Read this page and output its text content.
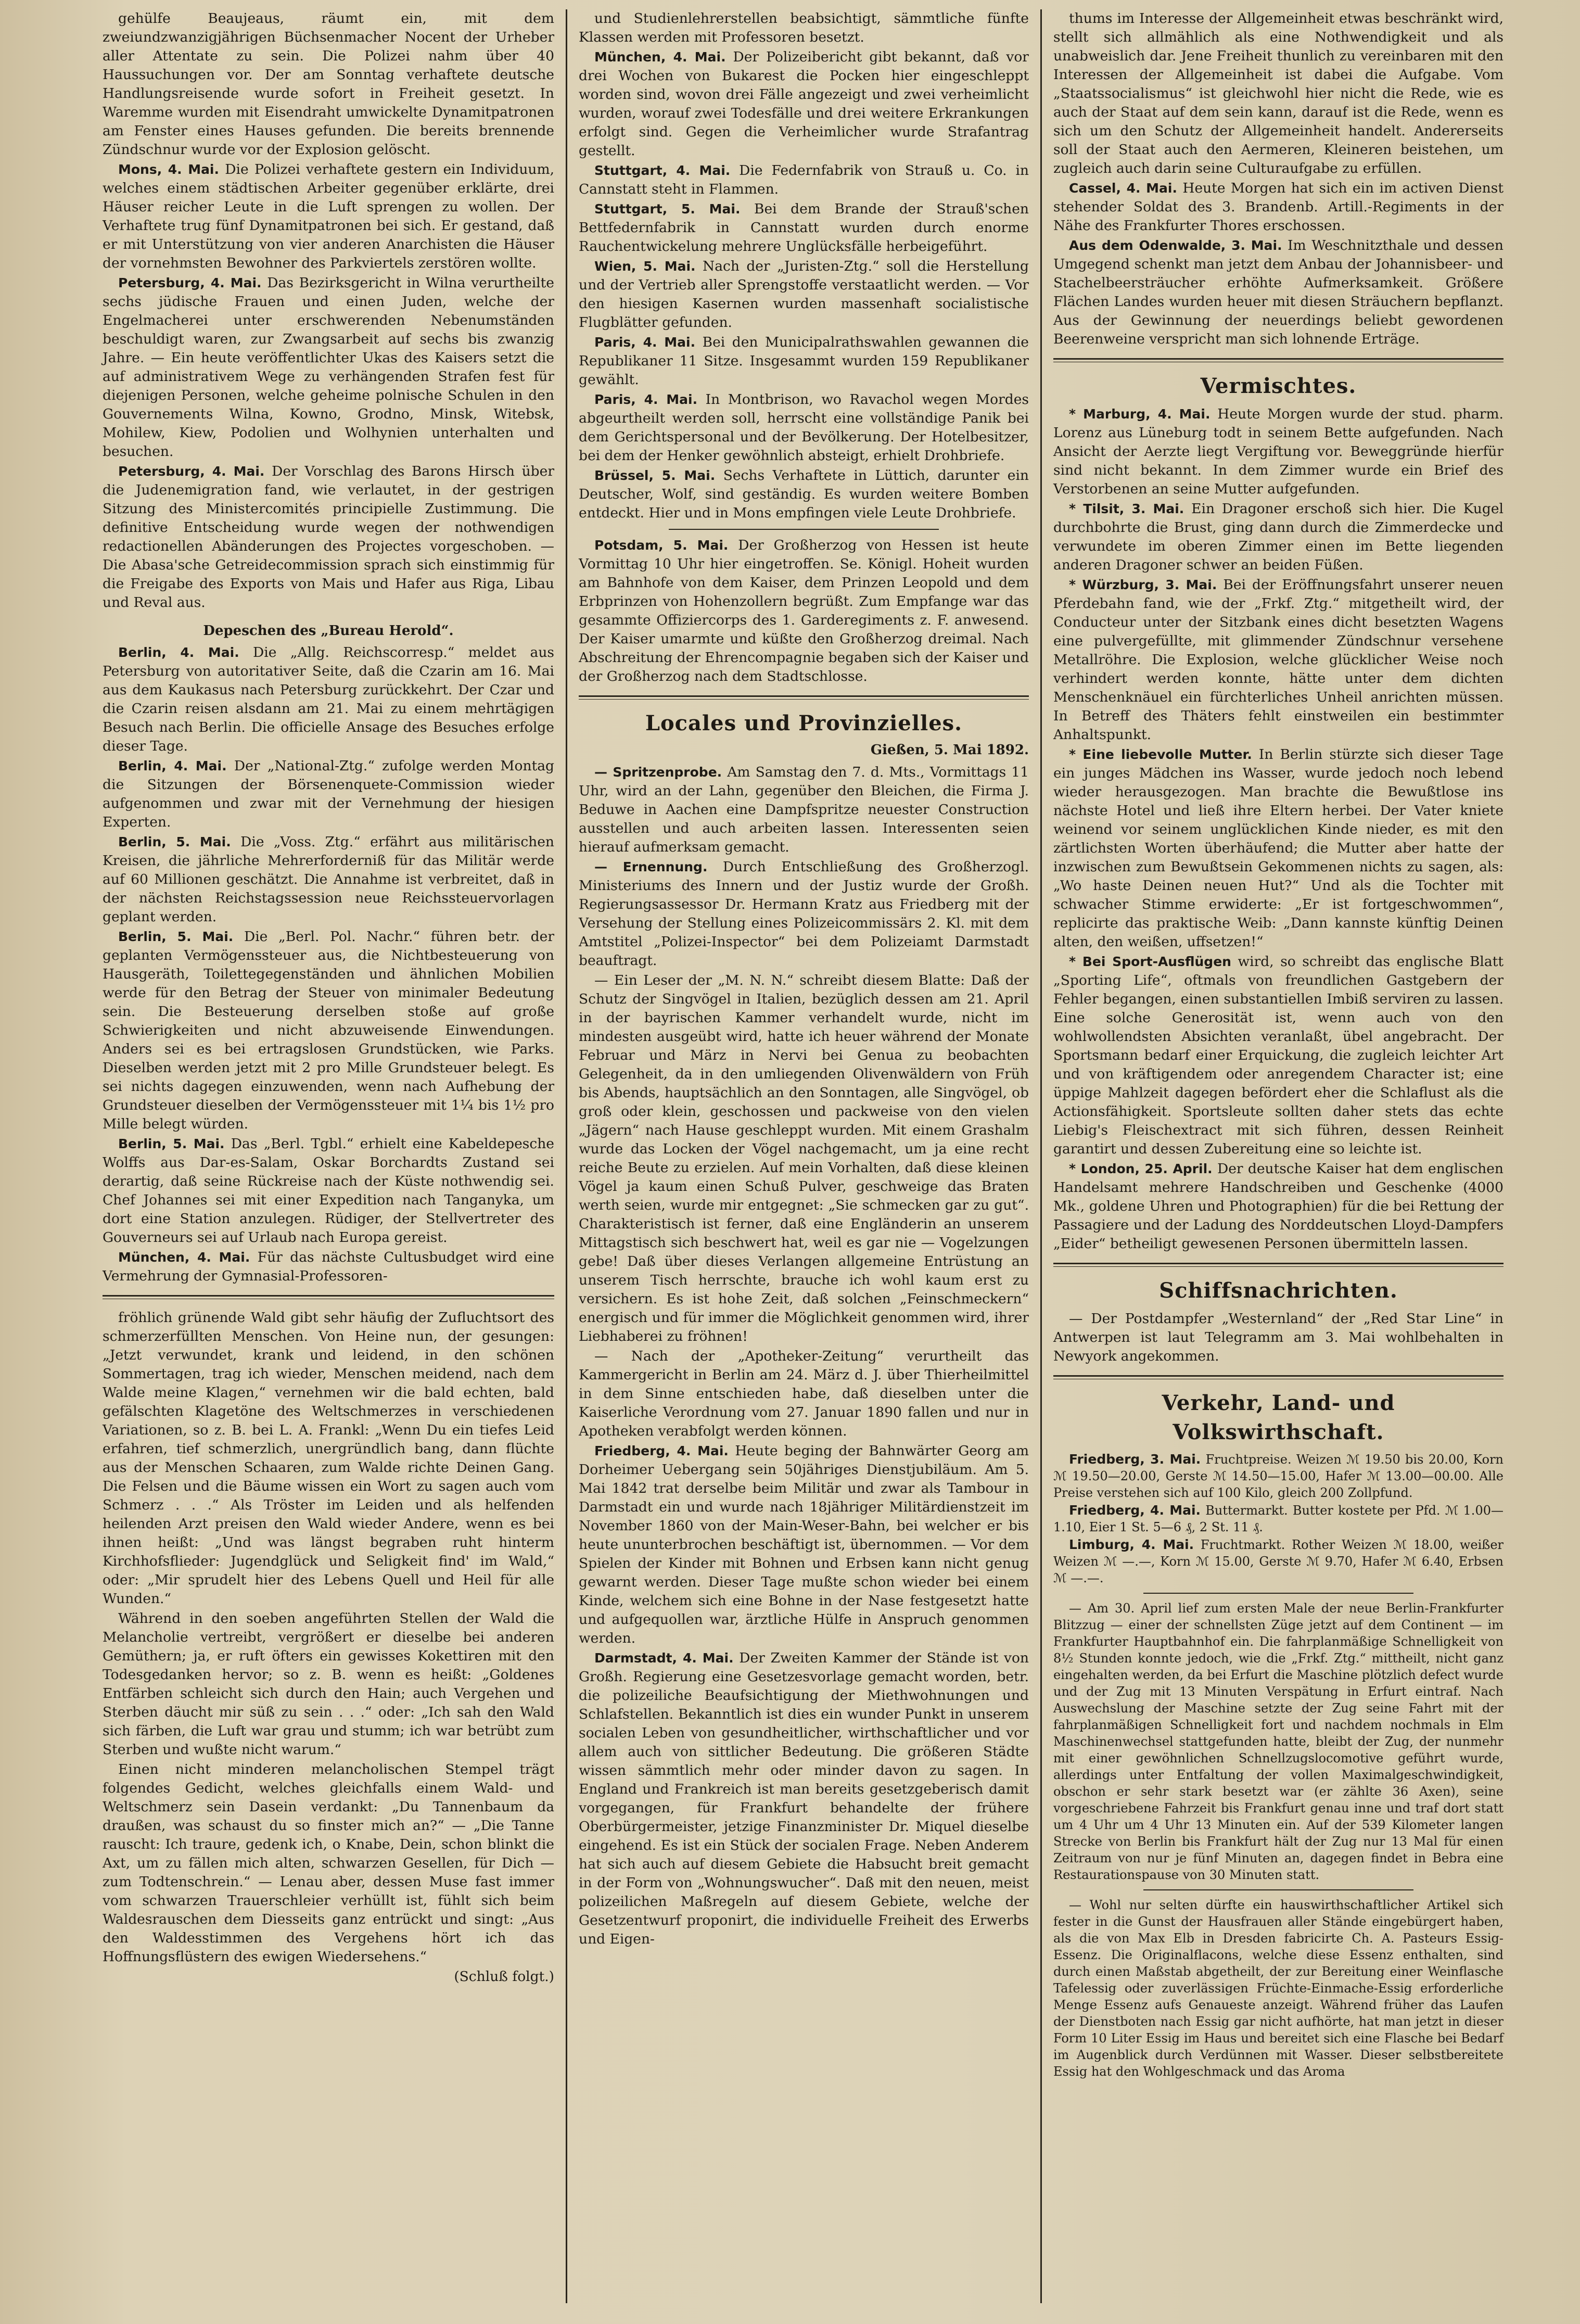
gehülfe Beaujeaus, räumt ein, mit dem zweiundzwanzigjährigen Büchsenmacher Nocent der Urheber aller Attentate zu sein. Die Polizei nahm über 40 Haussuchungen vor. Der am Sonntag verhaftete deutsche Handlungsreisende wurde sofort in Freiheit gesetzt. In Waremme wurden mit Eisendraht umwickelte Dynamitpatronen am Fenster eines Hauses gefunden. Die bereits brennende Zündschnur wurde vor der Explosion gelöscht.

Mons, 4. Mai. Die Polizei verhaftete gestern ein Individuum, welches einem städtischen Arbeiter gegenüber erklärte, drei Häuser reicher Leute in die Luft sprengen zu wollen. Der Verhaftete trug fünf Dynamitpatronen bei sich. Er gestand, daß er mit Unterstützung von vier anderen Anarchisten die Häuser der vornehmsten Bewohner des Parkviertels zerstören wollte.

Petersburg, 4. Mai. Das Bezirksgericht in Wilna verurtheilte sechs jüdische Frauen und einen Juden, welche der Engelmacherei unter erschwerenden Nebenumständen beschuldigt waren, zur Zwangsarbeit auf sechs bis zwanzig Jahre. — Ein heute veröffentlichter Ukas des Kaisers setzt die auf administrativem Wege zu verhängenden Strafen fest für diejenigen Personen, welche geheime polnische Schulen in den Gouvernements Wilna, Kowno, Grodno, Minsk, Witebsk, Mohilew, Kiew, Podolien und Wolhynien unterhalten und besuchen.

Petersburg, 4. Mai. Der Vorschlag des Barons Hirsch über die Judenemigration fand, wie verlautet, in der gestrigen Sitzung des Ministercomités principielle Zustimmung. Die definitive Entscheidung wurde wegen der nothwendigen redactionellen Abänderungen des Projectes vorgeschoben. — Die Abasa'sche Getreidecommission sprach sich einstimmig für die Freigabe des Exports von Mais und Hafer aus Riga, Libau und Reval aus.

Depeschen des „Bureau Herold“.

Berlin, 4. Mai. Die „Allg. Reichscorresp.“ meldet aus Petersburg von autoritativer Seite, daß die Czarin am 16. Mai aus dem Kaukasus nach Petersburg zurückkehrt. Der Czar und die Czarin reisen alsdann am 21. Mai zu einem mehrtägigen Besuch nach Berlin. Die officielle Ansage des Besuches erfolge dieser Tage.

Berlin, 4. Mai. Der „National-Ztg.“ zufolge werden Montag die Sitzungen der Börsenenquete-Commission wieder aufgenommen und zwar mit der Vernehmung der hiesigen Experten.

Berlin, 5. Mai. Die „Voss. Ztg.“ erfährt aus militärischen Kreisen, die jährliche Mehrerforderniß für das Militär werde auf 60 Millionen geschätzt. Die Annahme ist verbreitet, daß in der nächsten Reichstagssession neue Reichssteuervorlagen geplant werden.

Berlin, 5. Mai. Die „Berl. Pol. Nachr.“ führen betr. der geplanten Vermögenssteuer aus, die Nichtbesteuerung von Hausgeräth, Toilettegegenständen und ähnlichen Mobilien werde für den Betrag der Steuer von minimaler Bedeutung sein. Die Besteuerung derselben stoße auf große Schwierigkeiten und nicht abzuweisende Einwendungen. Anders sei es bei ertragslosen Grundstücken, wie Parks. Dieselben werden jetzt mit 2 pro Mille Grundsteuer belegt. Es sei nichts dagegen einzuwenden, wenn nach Aufhebung der Grundsteuer dieselben der Vermögenssteuer mit 1¼ bis 1½ pro Mille belegt würden.

Berlin, 5. Mai. Das „Berl. Tgbl.“ erhielt eine Kabeldepesche Wolffs aus Dar-es-Salam, Oskar Borchardts Zustand sei derartig, daß seine Rückreise nach der Küste nothwendig sei. Chef Johannes sei mit einer Expedition nach Tanganyka, um dort eine Station anzulegen. Rüdiger, der Stellvertreter des Gouverneurs sei auf Urlaub nach Europa gereist.

München, 4. Mai. Für das nächste Cultusbudget wird eine Vermehrung der Gymnasial-Professoren-

fröhlich grünende Wald gibt sehr häufig der Zufluchtsort des schmerzerfüllten Menschen. Von Heine nun, der gesungen: „Jetzt verwundet, krank und leidend, in den schönen Sommertagen, trag ich wieder, Menschen meidend, nach dem Walde meine Klagen,“ vernehmen wir die bald echten, bald gefälschten Klagetöne des Weltschmerzes in verschiedenen Variationen, so z. B. bei L. A. Frankl: „Wenn Du ein tiefes Leid erfahren, tief schmerzlich, unergründlich bang, dann flüchte aus der Menschen Schaaren, zum Walde richte Deinen Gang. Die Felsen und die Bäume wissen ein Wort zu sagen auch vom Schmerz . . .“ Als Tröster im Leiden und als helfenden heilenden Arzt preisen den Wald wieder Andere, wenn es bei ihnen heißt: „Und was längst begraben ruht hinterm Kirchhofsflieder: Jugendglück und Seligkeit find' im Wald,“ oder: „Mir sprudelt hier des Lebens Quell und Heil für alle Wunden.“

Während in den soeben angeführten Stellen der Wald die Melancholie vertreibt, vergrößert er dieselbe bei anderen Gemüthern; ja, er ruft öfters ein gewisses Kokettiren mit den Todesgedanken hervor; so z. B. wenn es heißt: „Goldenes Entfärben schleicht sich durch den Hain; auch Vergehen und Sterben däucht mir süß zu sein . . .“ oder: „Ich sah den Wald sich färben, die Luft war grau und stumm; ich war betrübt zum Sterben und wußte nicht warum.“

Einen nicht minderen melancholischen Stempel trägt folgendes Gedicht, welches gleichfalls einem Wald- und Weltschmerz sein Dasein verdankt: „Du Tannenbaum da draußen, was schaust du so finster mich an?“ — „Die Tanne rauscht: Ich traure, gedenk ich, o Knabe, Dein, schon blinkt die Axt, um zu fällen mich alten, schwarzen Gesellen, für Dich — zum Todtenschrein.“ — Lenau aber, dessen Muse fast immer vom schwarzen Trauerschleier verhüllt ist, fühlt sich beim Waldesrauschen dem Diesseits ganz entrückt und singt: „Aus den Waldesstimmen des Vergehens hört ich das Hoffnungsflüstern des ewigen Wiedersehens.“

(Schluß folgt.)

und Studienlehrerstellen beabsichtigt, sämmtliche fünfte Klassen werden mit Professoren besetzt.

München, 4. Mai. Der Polizeibericht gibt bekannt, daß vor drei Wochen von Bukarest die Pocken hier eingeschleppt worden sind, wovon drei Fälle angezeigt und zwei verheimlicht wurden, worauf zwei Todesfälle und drei weitere Erkrankungen erfolgt sind. Gegen die Verheimlicher wurde Strafantrag gestellt.

Stuttgart, 4. Mai. Die Federnfabrik von Strauß u. Co. in Cannstatt steht in Flammen.

Stuttgart, 5. Mai. Bei dem Brande der Strauß'schen Bettfedernfabrik in Cannstatt wurden durch enorme Rauchentwickelung mehrere Unglücksfälle herbeigeführt.

Wien, 5. Mai. Nach der „Juristen-Ztg.“ soll die Herstellung und der Vertrieb aller Sprengstoffe verstaatlicht werden. — Vor den hiesigen Kasernen wurden massenhaft socialistische Flugblätter gefunden.

Paris, 4. Mai. Bei den Municipalrathswahlen gewannen die Republikaner 11 Sitze. Insgesammt wurden 159 Republikaner gewählt.

Paris, 4. Mai. In Montbrison, wo Ravachol wegen Mordes abgeurtheilt werden soll, herrscht eine vollständige Panik bei dem Gerichtspersonal und der Bevölkerung. Der Hotelbesitzer, bei dem der Henker gewöhnlich absteigt, erhielt Drohbriefe.

Brüssel, 5. Mai. Sechs Verhaftete in Lüttich, darunter ein Deutscher, Wolf, sind geständig. Es wurden weitere Bomben entdeckt. Hier und in Mons empfingen viele Leute Drohbriefe.

Potsdam, 5. Mai. Der Großherzog von Hessen ist heute Vormittag 10 Uhr hier eingetroffen. Se. Königl. Hoheit wurden am Bahnhofe von dem Kaiser, dem Prinzen Leopold und dem Erbprinzen von Hohenzollern begrüßt. Zum Empfange war das gesammte Offiziercorps des 1. Garderegiments z. F. anwesend. Der Kaiser umarmte und küßte den Großherzog dreimal. Nach Abschreitung der Ehrencompagnie begaben sich der Kaiser und der Großherzog nach dem Stadtschlosse.

Locales und Provinzielles.
Gießen, 5. Mai 1892.

— Spritzenprobe. Am Samstag den 7. d. Mts., Vormittags 11 Uhr, wird an der Lahn, gegenüber den Bleichen, die Firma J. Beduwe in Aachen eine Dampfspritze neuester Construction ausstellen und auch arbeiten lassen. Interessenten seien hierauf aufmerksam gemacht.

— Ernennung. Durch Entschließung des Großherzogl. Ministeriums des Innern und der Justiz wurde der Großh. Regierungsassessor Dr. Hermann Kratz aus Friedberg mit der Versehung der Stellung eines Polizeicommissärs 2. Kl. mit dem Amtstitel „Polizei-Inspector“ bei dem Polizeiamt Darmstadt beauftragt.

— Ein Leser der „M. N. N.“ schreibt diesem Blatte: Daß der Schutz der Singvögel in Italien, bezüglich dessen am 21. April in der bayrischen Kammer verhandelt wurde, nicht im mindesten ausgeübt wird, hatte ich heuer während der Monate Februar und März in Nervi bei Genua zu beobachten Gelegenheit, da in den umliegenden Olivenwäldern von Früh bis Abends, hauptsächlich an den Sonntagen, alle Singvögel, ob groß oder klein, geschossen und packweise von den vielen „Jägern“ nach Hause geschleppt wurden. Mit einem Grashalm wurde das Locken der Vögel nachgemacht, um ja eine recht reiche Beute zu erzielen. Auf mein Vorhalten, daß diese kleinen Vögel ja kaum einen Schuß Pulver, geschweige das Braten werth seien, wurde mir entgegnet: „Sie schmecken gar zu gut“. Charakteristisch ist ferner, daß eine Engländerin an unserem Mittagstisch sich beschwert hat, weil es gar nie — Vogelzungen gebe! Daß über dieses Verlangen allgemeine Entrüstung an unserem Tisch herrschte, brauche ich wohl kaum erst zu versichern. Es ist hohe Zeit, daß solchen „Feinschmeckern“ energisch und für immer die Möglichkeit genommen wird, ihrer Liebhaberei zu fröhnen!

— Nach der „Apotheker-Zeitung“ verurtheilt das Kammergericht in Berlin am 24. März d. J. über Thierheilmittel in dem Sinne entschieden habe, daß dieselben unter die Kaiserliche Verordnung vom 27. Januar 1890 fallen und nur in Apotheken verabfolgt werden können.

Friedberg, 4. Mai. Heute beging der Bahnwärter Georg am Dorheimer Uebergang sein 50jähriges Dienstjubiläum. Am 5. Mai 1842 trat derselbe beim Militär und zwar als Tambour in Darmstadt ein und wurde nach 18jähriger Militärdienstzeit im November 1860 von der Main-Weser-Bahn, bei welcher er bis heute ununterbrochen beschäftigt ist, übernommen. — Vor dem Spielen der Kinder mit Bohnen und Erbsen kann nicht genug gewarnt werden. Dieser Tage mußte schon wieder bei einem Kinde, welchem sich eine Bohne in der Nase festgesetzt hatte und aufgequollen war, ärztliche Hülfe in Anspruch genommen werden.

Darmstadt, 4. Mai. Der Zweiten Kammer der Stände ist von Großh. Regierung eine Gesetzesvorlage gemacht worden, betr. die polizeiliche Beaufsichtigung der Miethwohnungen und Schlafstellen. Bekanntlich ist dies ein wunder Punkt in unserem socialen Leben von gesundheitlicher, wirthschaftlicher und vor allem auch von sittlicher Bedeutung. Die größeren Städte wissen sämmtlich mehr oder minder davon zu sagen. In England und Frankreich ist man bereits gesetzgeberisch damit vorgegangen, für Frankfurt behandelte der frühere Oberbürgermeister, jetzige Finanzminister Dr. Miquel dieselbe eingehend. Es ist ein Stück der socialen Frage. Neben Anderem hat sich auch auf diesem Gebiete die Habsucht breit gemacht in der Form von „Wohnungswucher“. Daß mit den neuen, meist polizeilichen Maßregeln auf diesem Gebiete, welche der Gesetzentwurf proponirt, die individuelle Freiheit des Erwerbs und Eigen-

thums im Interesse der Allgemeinheit etwas beschränkt wird, stellt sich allmählich als eine Nothwendigkeit und als unabweislich dar. Jene Freiheit thunlich zu vereinbaren mit den Interessen der Allgemeinheit ist dabei die Aufgabe. Vom „Staatssocialismus“ ist gleichwohl hier nicht die Rede, wie es auch der Staat auf dem sein kann, darauf ist die Rede, wenn es sich um den Schutz der Allgemeinheit handelt. Andererseits soll der Staat auch den Aermeren, Kleineren beistehen, um zugleich auch darin seine Culturaufgabe zu erfüllen.

Cassel, 4. Mai. Heute Morgen hat sich ein im activen Dienst stehender Soldat des 3. Brandenb. Artill.-Regiments in der Nähe des Frankfurter Thores erschossen.

Aus dem Odenwalde, 3. Mai. Im Weschnitzthale und dessen Umgegend schenkt man jetzt dem Anbau der Johannisbeer- und Stachelbeersträucher erhöhte Aufmerksamkeit. Größere Flächen Landes wurden heuer mit diesen Sträuchern bepflanzt. Aus der Gewinnung der neuerdings beliebt gewordenen Beerenweine verspricht man sich lohnende Erträge.

Vermischtes.

* Marburg, 4. Mai. Heute Morgen wurde der stud. pharm. Lorenz aus Lüneburg todt in seinem Bette aufgefunden. Nach Ansicht der Aerzte liegt Vergiftung vor. Beweggründe hierfür sind nicht bekannt. In dem Zimmer wurde ein Brief des Verstorbenen an seine Mutter aufgefunden.

* Tilsit, 3. Mai. Ein Dragoner erschoß sich hier. Die Kugel durchbohrte die Brust, ging dann durch die Zimmerdecke und verwundete im oberen Zimmer einen im Bette liegenden anderen Dragoner schwer an beiden Füßen.

* Würzburg, 3. Mai. Bei der Eröffnungsfahrt unserer neuen Pferdebahn fand, wie der „Frkf. Ztg.“ mitgetheilt wird, der Conducteur unter der Sitzbank eines dicht besetzten Wagens eine pulvergefüllte, mit glimmender Zündschnur versehene Metallröhre. Die Explosion, welche glücklicher Weise noch verhindert werden konnte, hätte unter dem dichten Menschenknäuel ein fürchterliches Unheil anrichten müssen. In Betreff des Thäters fehlt einstweilen ein bestimmter Anhaltspunkt.

* Eine liebevolle Mutter. In Berlin stürzte sich dieser Tage ein junges Mädchen ins Wasser, wurde jedoch noch lebend wieder herausgezogen. Man brachte die Bewußtlose ins nächste Hotel und ließ ihre Eltern herbei. Der Vater kniete weinend vor seinem unglücklichen Kinde nieder, es mit den zärtlichsten Worten überhäufend; die Mutter aber hatte der inzwischen zum Bewußtsein Gekommenen nichts zu sagen, als: „Wo haste Deinen neuen Hut?“ Und als die Tochter mit schwacher Stimme erwiderte: „Er ist fortgeschwommen“, replicirte das praktische Weib: „Dann kannste künftig Deinen alten, den weißen, uffsetzen!“

* Bei Sport-Ausflügen wird, so schreibt das englische Blatt „Sporting Life“, oftmals von freundlichen Gastgebern der Fehler begangen, einen substantiellen Imbiß serviren zu lassen. Eine solche Generosität ist, wenn auch von den wohlwollendsten Absichten veranlaßt, übel angebracht. Der Sportsmann bedarf einer Erquickung, die zugleich leichter Art und von kräftigendem oder anregendem Character ist; eine üppige Mahlzeit dagegen befördert eher die Schlaflust als die Actionsfähigkeit. Sportsleute sollten daher stets das echte Liebig's Fleischextract mit sich führen, dessen Reinheit garantirt und dessen Zubereitung eine so leichte ist.

* London, 25. April. Der deutsche Kaiser hat dem englischen Handelsamt mehrere Handschreiben und Geschenke (4000 Mk., goldene Uhren und Photographien) für die bei Rettung der Passagiere und der Ladung des Norddeutschen Lloyd-Dampfers „Eider“ betheiligt gewesenen Personen übermitteln lassen.

Schiffsnachrichten.

— Der Postdampfer „Westernland“ der „Red Star Line“ in Antwerpen ist laut Telegramm am 3. Mai wohlbehalten in Newyork angekommen.

Verkehr, Land- und Volkswirthschaft.

Friedberg, 3. Mai. Fruchtpreise. Weizen ℳ 19.50 bis 20.00, Korn ℳ 19.50—20.00, Gerste ℳ 14.50—15.00, Hafer ℳ 13.00—00.00. Alle Preise verstehen sich auf 100 Kilo, gleich 200 Zollpfund.

Friedberg, 4. Mai. Buttermarkt. Butter kostete per Pfd. ℳ 1.00—1.10, Eier 1 St. 5—6 ₰, 2 St. 11 ₰.

Limburg, 4. Mai. Fruchtmarkt. Rother Weizen ℳ 18.00, weißer Weizen ℳ —.—, Korn ℳ 15.00, Gerste ℳ 9.70, Hafer ℳ 6.40, Erbsen ℳ —.—.

— Am 30. April lief zum ersten Male der neue Berlin-Frankfurter Blitzzug — einer der schnellsten Züge jetzt auf dem Continent — im Frankfurter Hauptbahnhof ein. Die fahrplanmäßige Schnelligkeit von 8½ Stunden konnte jedoch, wie die „Frkf. Ztg.“ mittheilt, nicht ganz eingehalten werden, da bei Erfurt die Maschine plötzlich defect wurde und der Zug mit 13 Minuten Verspätung in Erfurt eintraf. Nach Auswechslung der Maschine setzte der Zug seine Fahrt mit der fahrplanmäßigen Schnelligkeit fort und nachdem nochmals in Elm Maschinenwechsel stattgefunden hatte, bleibt der Zug, der nunmehr mit einer gewöhnlichen Schnellzugslocomotive geführt wurde, allerdings unter Entfaltung der vollen Maximalgeschwindigkeit, obschon er sehr stark besetzt war (er zählte 36 Axen), seine vorgeschriebene Fahrzeit bis Frankfurt genau inne und traf dort statt um 4 Uhr um 4 Uhr 13 Minuten ein. Auf der 539 Kilometer langen Strecke von Berlin bis Frankfurt hält der Zug nur 13 Mal für einen Zeitraum von nur je fünf Minuten an, dagegen findet in Bebra eine Restaurationspause von 30 Minuten statt.

— Wohl nur selten dürfte ein hauswirthschaftlicher Artikel sich fester in die Gunst der Hausfrauen aller Stände eingebürgert haben, als die von Max Elb in Dresden fabricirte Ch. A. Pasteurs Essig-Essenz. Die Originalflacons, welche diese Essenz enthalten, sind durch einen Maßstab abgetheilt, der zur Bereitung einer Weinflasche Tafelessig oder zuverlässigen Früchte-Einmache-Essig erforderliche Menge Essenz aufs Genaueste anzeigt. Während früher das Laufen der Dienstboten nach Essig gar nicht aufhörte, hat man jetzt in dieser Form 10 Liter Essig im Haus und bereitet sich eine Flasche bei Bedarf im Augenblick durch Verdünnen mit Wasser. Dieser selbstbereitete Essig hat den Wohlgeschmack und das Aroma
